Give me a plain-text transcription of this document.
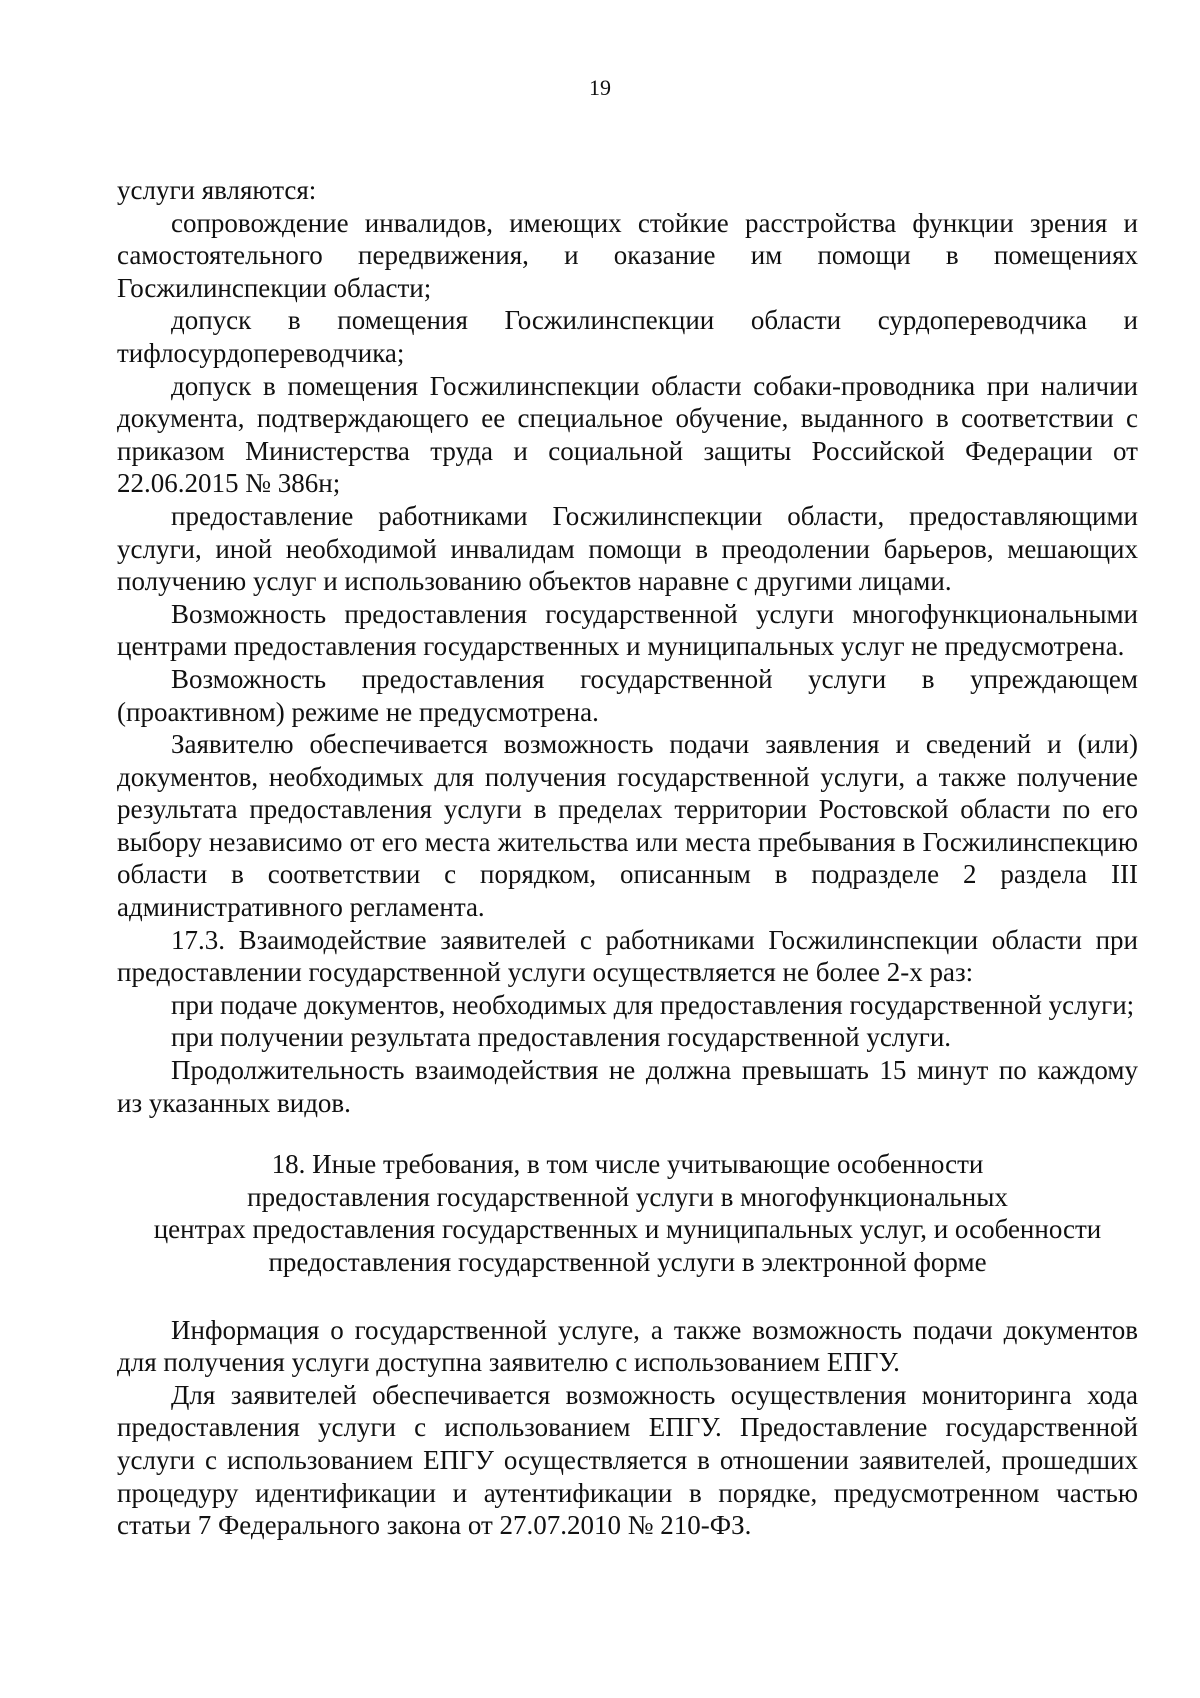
19

услуги являются:

сопровождение инвалидов, имеющих стойкие расстройства функции зрения и самостоятельного передвижения, и оказание им помощи в помещениях Госжилинспекции области;

допуск в помещения Госжилинспекции области сурдопереводчика и тифлосурдопереводчика;

допуск в помещения Госжилинспекции области собаки-проводника при наличии документа, подтверждающего ее специальное обучение, выданного в соответствии с приказом Министерства труда и социальной защиты Российской Федерации от 22.06.2015 № 386н;

предоставление работниками Госжилинспекции области, предоставляющими услуги, иной необходимой инвалидам помощи в преодолении барьеров, мешающих получению услуг и использованию объектов наравне с другими лицами.

Возможность предоставления государственной услуги многофункциональными центрами предоставления государственных и муниципальных услуг не предусмотрена.

Возможность предоставления государственной услуги в упреждающем (проактивном) режиме не предусмотрена.

Заявителю обеспечивается возможность подачи заявления и сведений и (или) документов, необходимых для получения государственной услуги, а также получение результата предоставления услуги в пределах территории Ростовской области по его выбору независимо от его места жительства или места пребывания в Госжилинспекцию области в соответствии с порядком, описанным в подразделе 2 раздела III административного регламента.

17.3. Взаимодействие заявителей с работниками Госжилинспекции области при предоставлении государственной услуги осуществляется не более 2-х раз:

при подаче документов, необходимых для предоставления государственной услуги;

при получении результата предоставления государственной услуги.

Продолжительность взаимодействия не должна превышать 15 минут по каждому из указанных видов.

18. Иные требования, в том числе учитывающие особенности
предоставления государственной услуги в многофункциональных
центрах предоставления государственных и муниципальных услуг, и особенности
предоставления государственной услуги в электронной форме

Информация о государственной услуге, а также возможность подачи документов для получения услуги доступна заявителю с использованием ЕПГУ.

Для заявителей обеспечивается возможность осуществления мониторинга хода предоставления услуги с использованием ЕПГУ. Предоставление государственной услуги с использованием ЕПГУ осуществляется в отношении заявителей, прошедших процедуру идентификации и аутентификации в порядке, предусмотренном частью статьи 7 Федерального закона от 27.07.2010 № 210-ФЗ.
